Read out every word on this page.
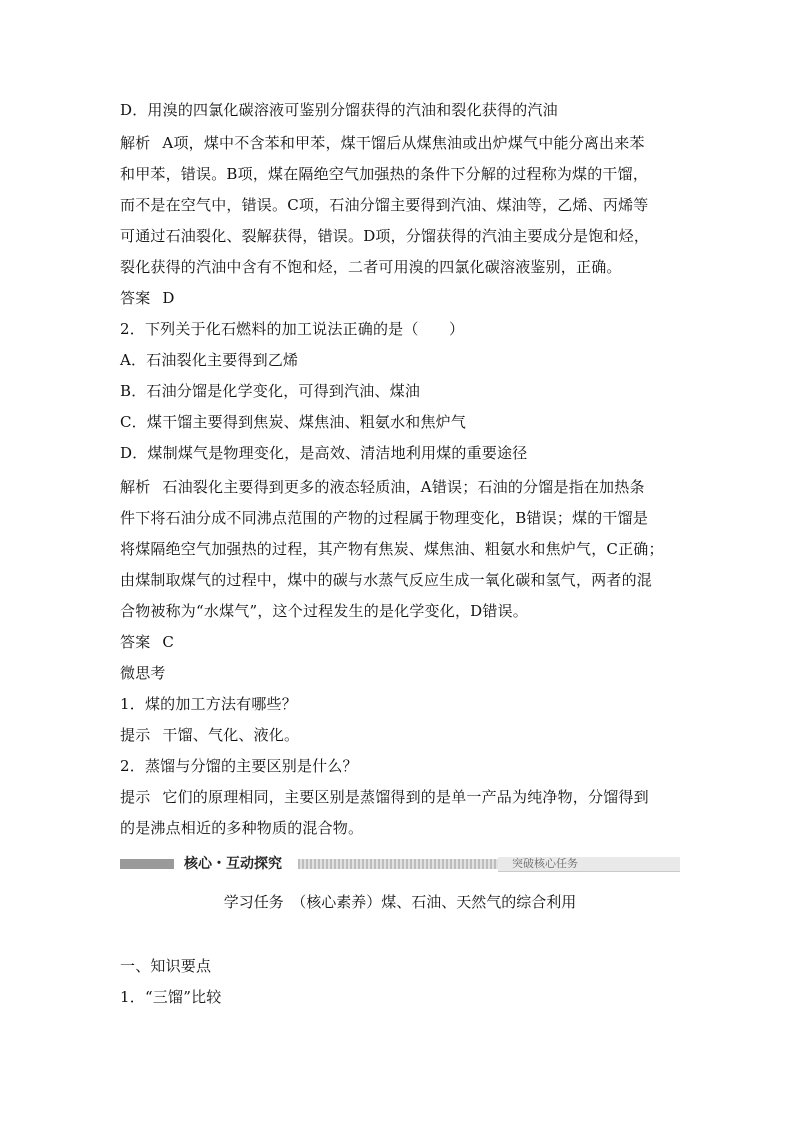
D．用溴的四氯化碳溶液可鉴别分馏获得的汽油和裂化获得的汽油
解析 A项，煤中不含苯和甲苯，煤干馏后从煤焦油或出炉煤气中能分离出来苯
和甲苯，错误。B项，煤在隔绝空气加强热的条件下分解的过程称为煤的干馏，
而不是在空气中，错误。C项，石油分馏主要得到汽油、煤油等，乙烯、丙烯等
可通过石油裂化、裂解获得，错误。D项，分馏获得的汽油主要成分是饱和烃，
裂化获得的汽油中含有不饱和烃，二者可用溴的四氯化碳溶液鉴别，正确。
答案 D
2．下列关于化石燃料的加工说法正确的是（　　）
A．石油裂化主要得到乙烯
B．石油分馏是化学变化，可得到汽油、煤油
C．煤干馏主要得到焦炭、煤焦油、粗氨水和焦炉气
D．煤制煤气是物理变化，是高效、清洁地利用煤的重要途径
解析 石油裂化主要得到更多的液态轻质油，A错误；石油的分馏是指在加热条
件下将石油分成不同沸点范围的产物的过程属于物理变化，B错误；煤的干馏是
将煤隔绝空气加强热的过程，其产物有焦炭、煤焦油、粗氨水和焦炉气，C正确；
由煤制取煤气的过程中，煤中的碳与水蒸气反应生成一氧化碳和氢气，两者的混
合物被称为“水煤气”，这个过程发生的是化学变化，D错误。
答案 C
微思考
1．煤的加工方法有哪些？
提示 干馏、气化、液化。
2．蒸馏与分馏的主要区别是什么？
提示 它们的原理相同，主要区别是蒸馏得到的是单一产品为纯净物，分馏得到
的是沸点相近的多种物质的混合物。
核心・互动探究	突破核心任务
学习任务　（核心素养）煤、石油、天然气的综合利用
一、知识要点
1．“三馏”比较
